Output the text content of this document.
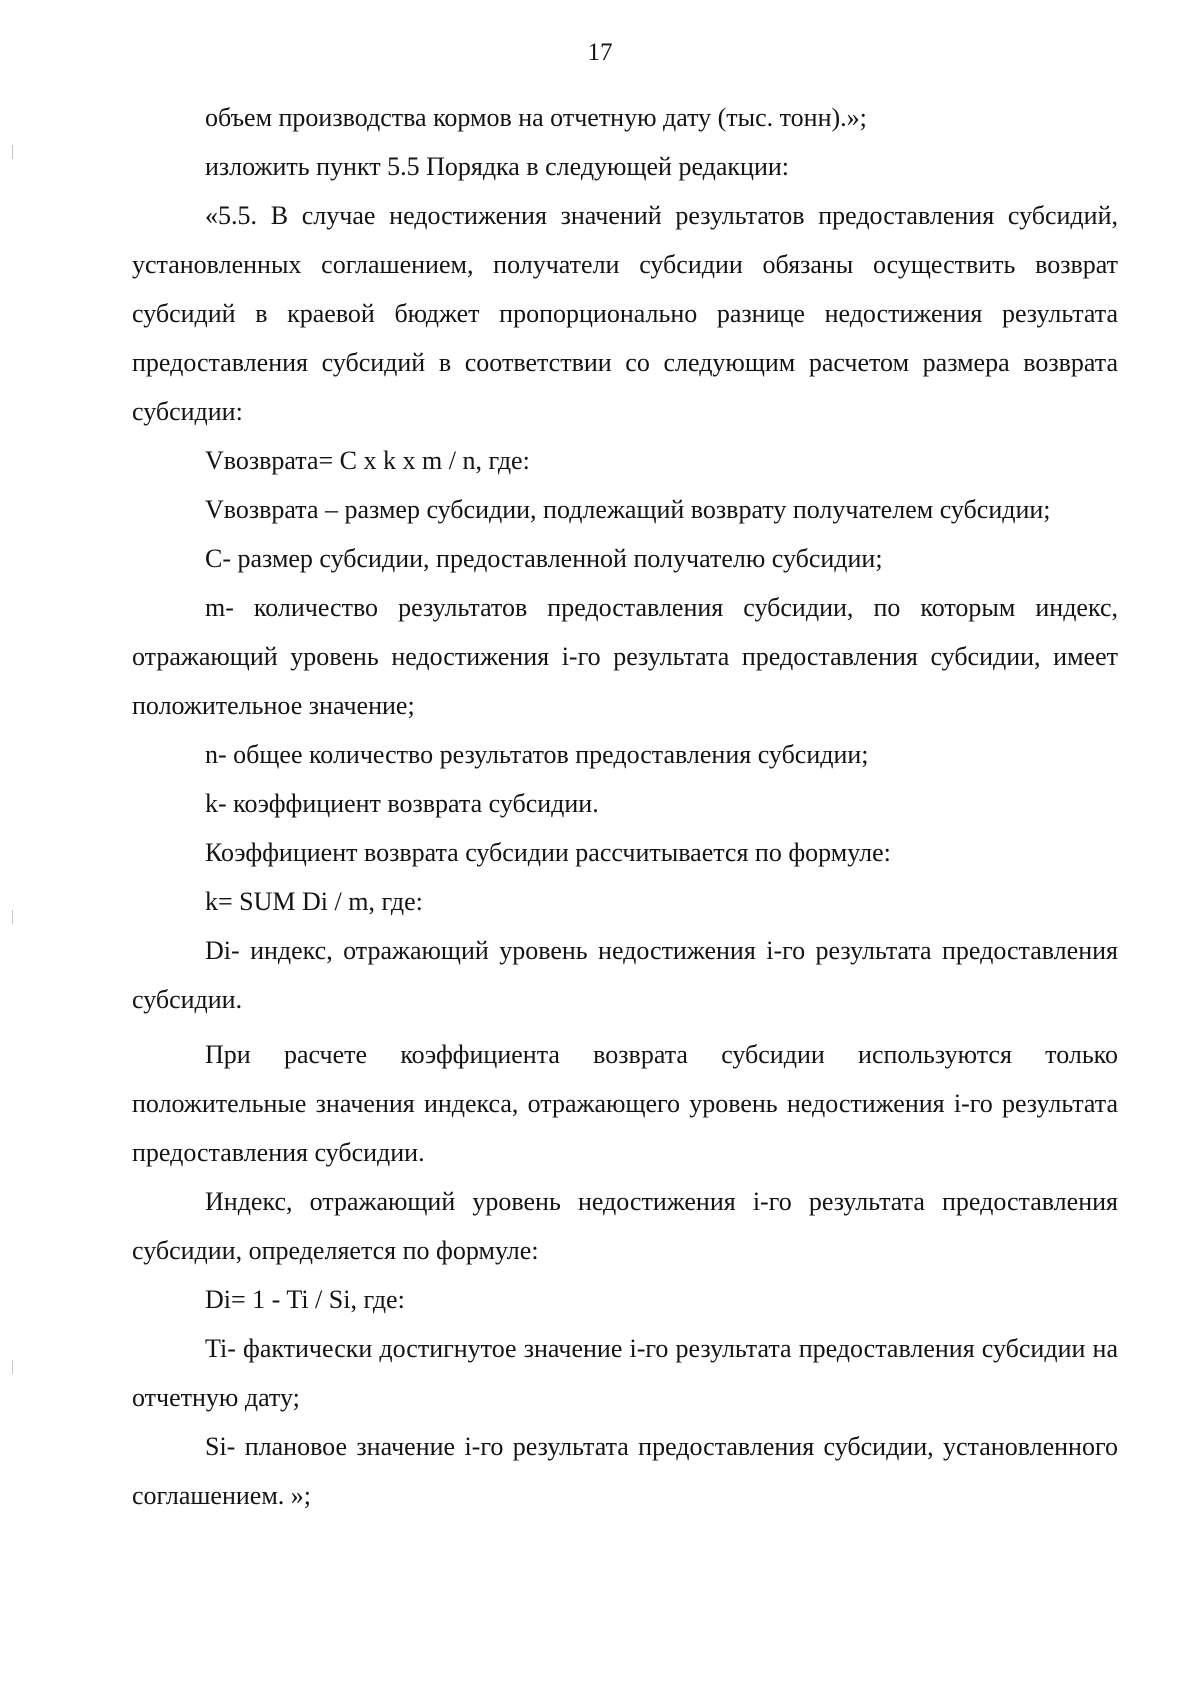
17

объем производства кормов на отчетную дату (тыс. тонн).»;

изложить пункт 5.5 Порядка в следующей редакции:

«5.5. В случае недостижения значений результатов предоставления субсидий, установленных соглашением, получатели субсидии обязаны осуществить возврат субсидий в краевой бюджет пропорционально разнице недостижения результата предоставления субсидий в соответствии со следующим расчетом размера возврата субсидии:

Vвозврата= C x k x m / n, где:

Vвозврата – размер субсидии, подлежащий возврату получателем субсидии;

C- размер субсидии, предоставленной получателю субсидии;

m- количество результатов предоставления субсидии, по которым индекс, отражающий уровень недостижения i-го результата предоставления субсидии, имеет положительное значение;

n- общее количество результатов предоставления субсидии;

k- коэффициент возврата субсидии.

Коэффициент возврата субсидии рассчитывается по формуле:

k= SUM Di / m, где:

Di- индекс, отражающий уровень недостижения i-го результата предоставления субсидии.

При расчете коэффициента возврата субсидии используются только положительные значения индекса, отражающего уровень недостижения i-го результата предоставления субсидии.

Индекс, отражающий уровень недостижения i-го результата предоставления субсидии, определяется по формуле:

Di= 1 - Ti / Si, где:

Ti- фактически достигнутое значение i-го результата предоставления субсидии на отчетную дату;

Si- плановое значение i-го результата предоставления субсидии, установленного соглашением. »;
